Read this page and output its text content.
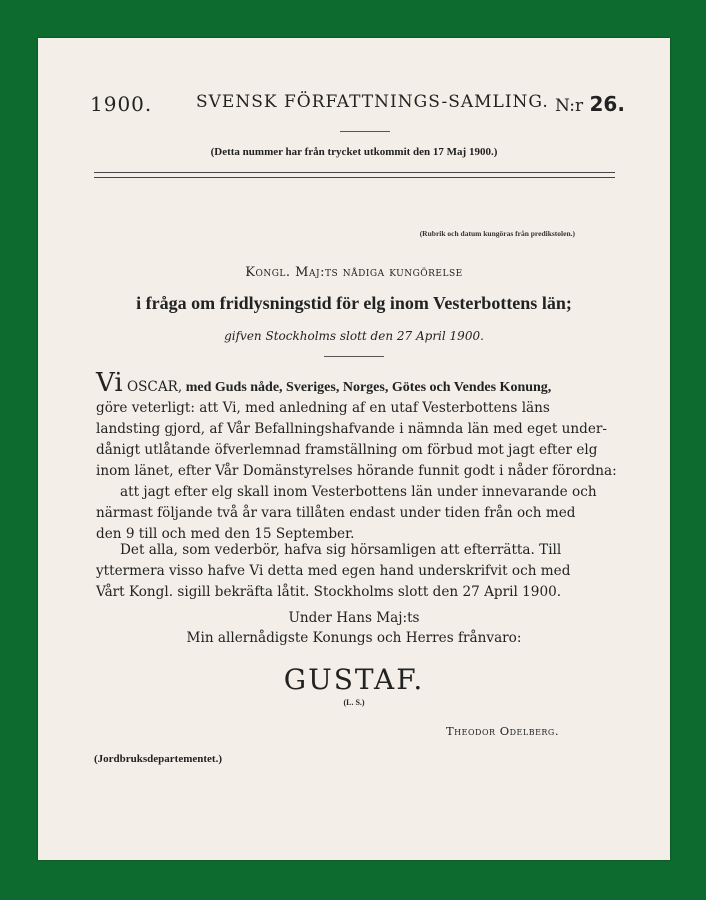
1900.	SVENSK FÖRFATTNINGS-SAMLING. N:r 26.
(Detta nummer har från trycket utkommit den 17 Maj 1900.)
(Rubrik och datum kungöras från predikstolen.)
Kongl. Maj:ts nådiga kungörelse
i fråga om fridlysningstid för elg inom Vesterbottens län;
gifven Stockholms slott den 27 April 1900.
Vi OSCAR, med Guds nåde, Sveriges, Norges, Götes och Vendes Konung,
göre veterligt: att Vi, med anledning af en utaf Vesterbottens läns
landsting gjord, af Vår Befallningshafvande i nämnda län med eget under-
dånigt utlåtande öfverlemnad framställning om förbud mot jagt efter elg
inom länet, efter Vår Domänstyrelses hörande funnit godt i nåder förordna:
att jagt efter elg skall inom Vesterbottens län under innevarande och
närmast följande två år vara tillåten endast under tiden från och med
den 9 till och med den 15 September.
Det alla, som vederbör, hafva sig hörsamligen att efterrätta. Till
yttermera visso hafve Vi detta med egen hand underskrifvit och med
Vårt Kongl. sigill bekräfta låtit. Stockholms slott den 27 April 1900.
Under Hans Maj:ts
Min allernådigste Konungs och Herres frånvaro:
GUSTAF.
(L. S.)
Theodor Odelberg.
(Jordbruksdepartementet.)
